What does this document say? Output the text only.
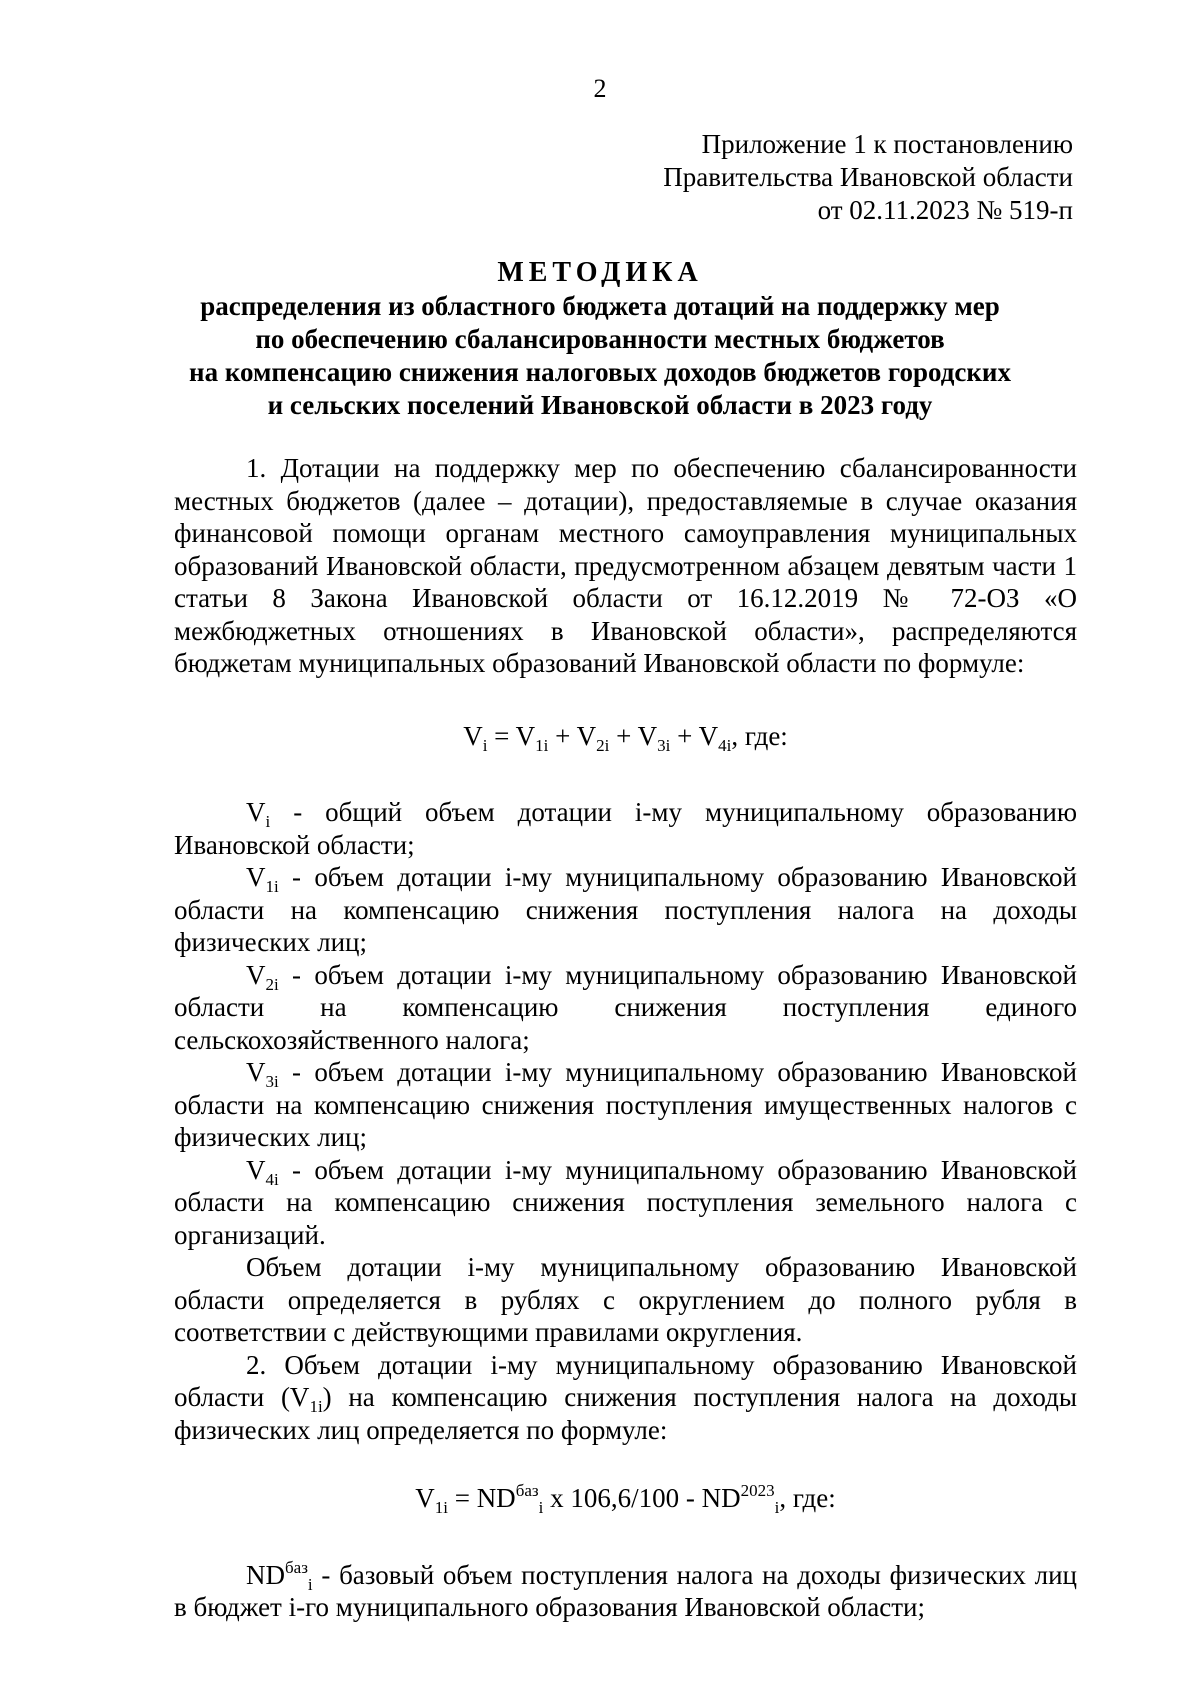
2
Приложение 1 к постановлению
Правительства Ивановской области
от 02.11.2023 № 519-п
МЕТОДИКА
распределения из областного бюджета дотаций на поддержку мер
по обеспечению сбалансированности местных бюджетов
на компенсацию снижения налоговых доходов бюджетов городских
и сельских поселений Ивановской области в 2023 году

1. Дотации на поддержку мер по обеспечению сбалансированности местных бюджетов (далее – дотации), предоставляемые в случае оказания финансовой помощи органам местного самоуправления муниципальных образований Ивановской области, предусмотренном абзацем девятым части 1 статьи 8 Закона Ивановской области от 16.12.2019 № 72-ОЗ «О межбюджетных отношениях в Ивановской области», распределяются бюджетам муниципальных образований Ивановской области по формуле:

$V_i = V_{1i} + V_{2i} + V_{3i} + V_{4i}$, где:

$V_i$ - общий объем дотации i-му муниципальному образованию Ивановской области;

$V_{1i}$ - объем дотации i-му муниципальному образованию Ивановской области на компенсацию снижения поступления налога на доходы физических лиц;

$V_{2i}$ - объем дотации i-му муниципальному образованию Ивановской области на компенсацию снижения поступления единого сельскохозяйственного налога;

$V_{3i}$ - объем дотации i-му муниципальному образованию Ивановской области на компенсацию снижения поступления имущественных налогов с физических лиц;

$V_{4i}$ - объем дотации i-му муниципальному образованию Ивановской области на компенсацию снижения поступления земельного налога с организаций.

Объем дотации i-му муниципальному образованию Ивановской области определяется в рублях с округлением до полного рубля в соответствии с действующими правилами округления.

2. Объем дотации i-му муниципальному образованию Ивановской области $(V_{1i})$ на компенсацию снижения поступления налога на доходы физических лиц определяется по формуле:

$V_{1i} = ND^{баз}_i$ x $106,6/100 - ND^{2023}_i$, где:

$ND^{баз}_i$ - базовый объем поступления налога на доходы физических лиц в бюджет i-го муниципального образования Ивановской области;
